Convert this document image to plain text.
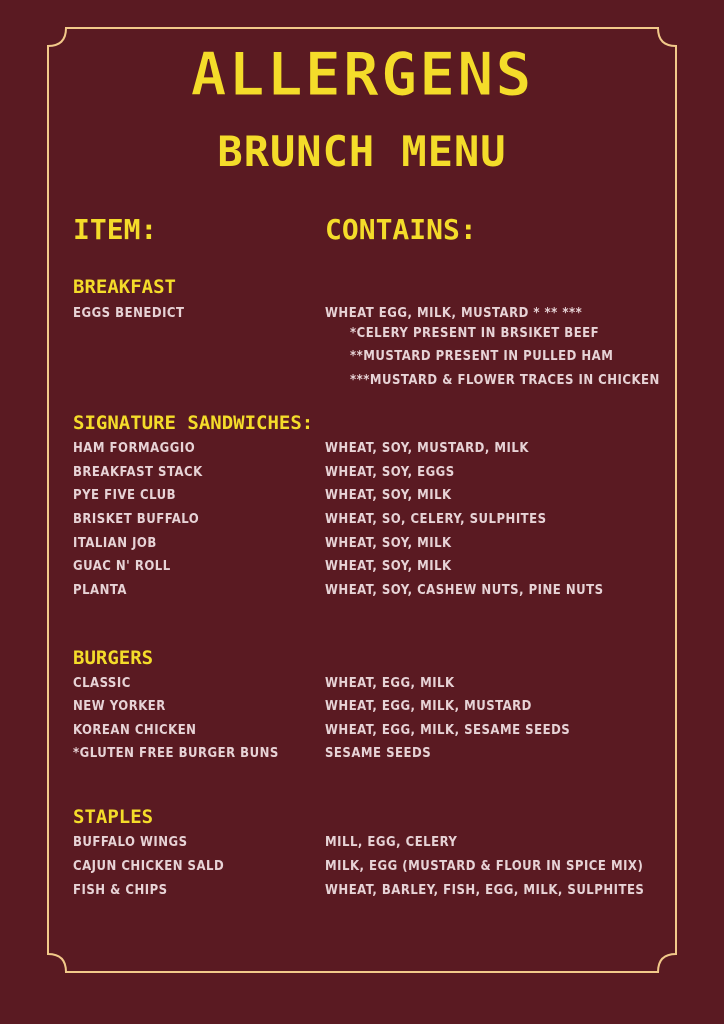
ALLERGENS
BRUNCH MENU
ITEM:	CONTAINS:
BREAKFAST
EGGS BENEDICT	WHEAT EGG, MILK, MUSTARD * ** ***
*CELERY PRESENT IN BRSIKET BEEF
**MUSTARD PRESENT IN PULLED HAM
***MUSTARD & FLOWER TRACES IN CHICKEN
SIGNATURE SANDWICHES:
HAM FORMAGGIO	WHEAT, SOY, MUSTARD, MILK
BREAKFAST STACK	WHEAT, SOY, EGGS
PYE FIVE CLUB	WHEAT, SOY, MILK
BRISKET BUFFALO	WHEAT, SO, CELERY, SULPHITES
ITALIAN JOB	WHEAT, SOY, MILK
GUAC N' ROLL	WHEAT, SOY, MILK
PLANTA	WHEAT, SOY, CASHEW NUTS, PINE NUTS
BURGERS
CLASSIC	WHEAT, EGG, MILK
NEW YORKER	WHEAT, EGG, MILK, MUSTARD
KOREAN CHICKEN	WHEAT, EGG, MILK, SESAME SEEDS
*GLUTEN FREE BURGER BUNS	SESAME SEEDS
STAPLES
BUFFALO WINGS	MILL, EGG, CELERY
CAJUN CHICKEN SALD	MILK, EGG (MUSTARD & FLOUR IN SPICE MIX)
FISH & CHIPS	WHEAT, BARLEY, FISH, EGG, MILK, SULPHITES
